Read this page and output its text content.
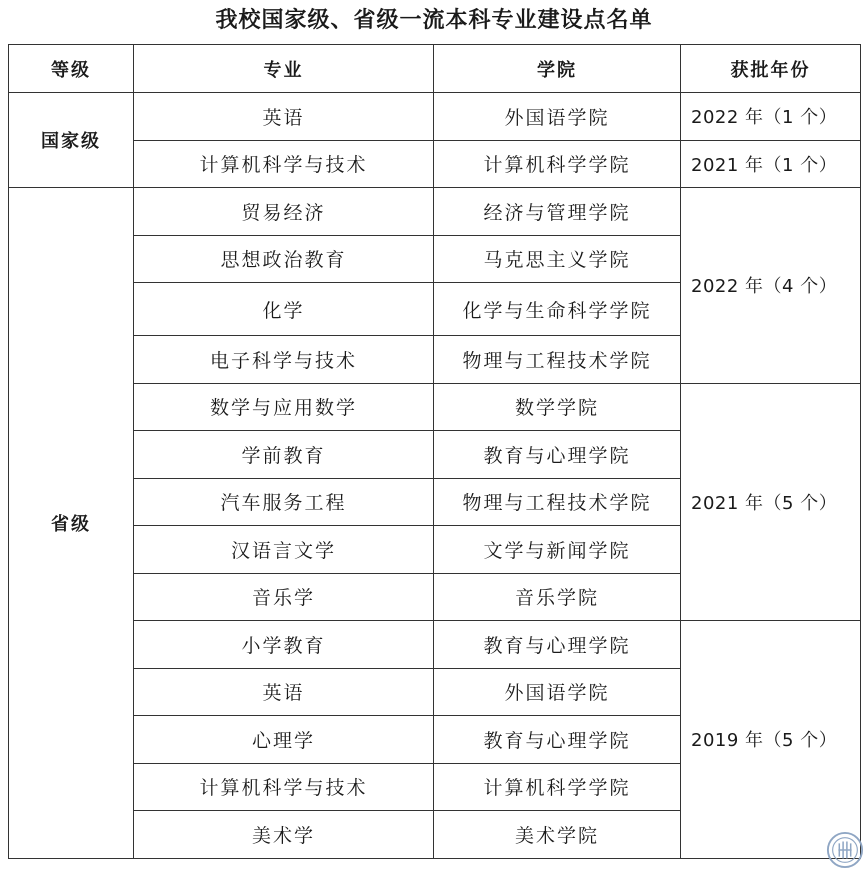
我校国家级、省级一流本科专业建设点名单
等级	专业	学院	获批年份
国家级	英语	外国语学院	2022 年（1 个）
	计算机科学与技术	计算机科学学院	2021 年（1 个）
省级	贸易经济	经济与管理学院	2022 年（4 个）
	思想政治教育	马克思主义学院	
	化学	化学与生命科学学院	
	电子科学与技术	物理与工程技术学院	
	数学与应用数学	数学学院	2021 年（5 个）
	学前教育	教育与心理学院	
	汽车服务工程	物理与工程技术学院	
	汉语言文学	文学与新闻学院	
	音乐学	音乐学院	
	小学教育	教育与心理学院	2019 年（5 个）
	英语	外国语学院	
	心理学	教育与心理学院	
	计算机科学与技术	计算机科学学院	
	美术学	美术学院	
